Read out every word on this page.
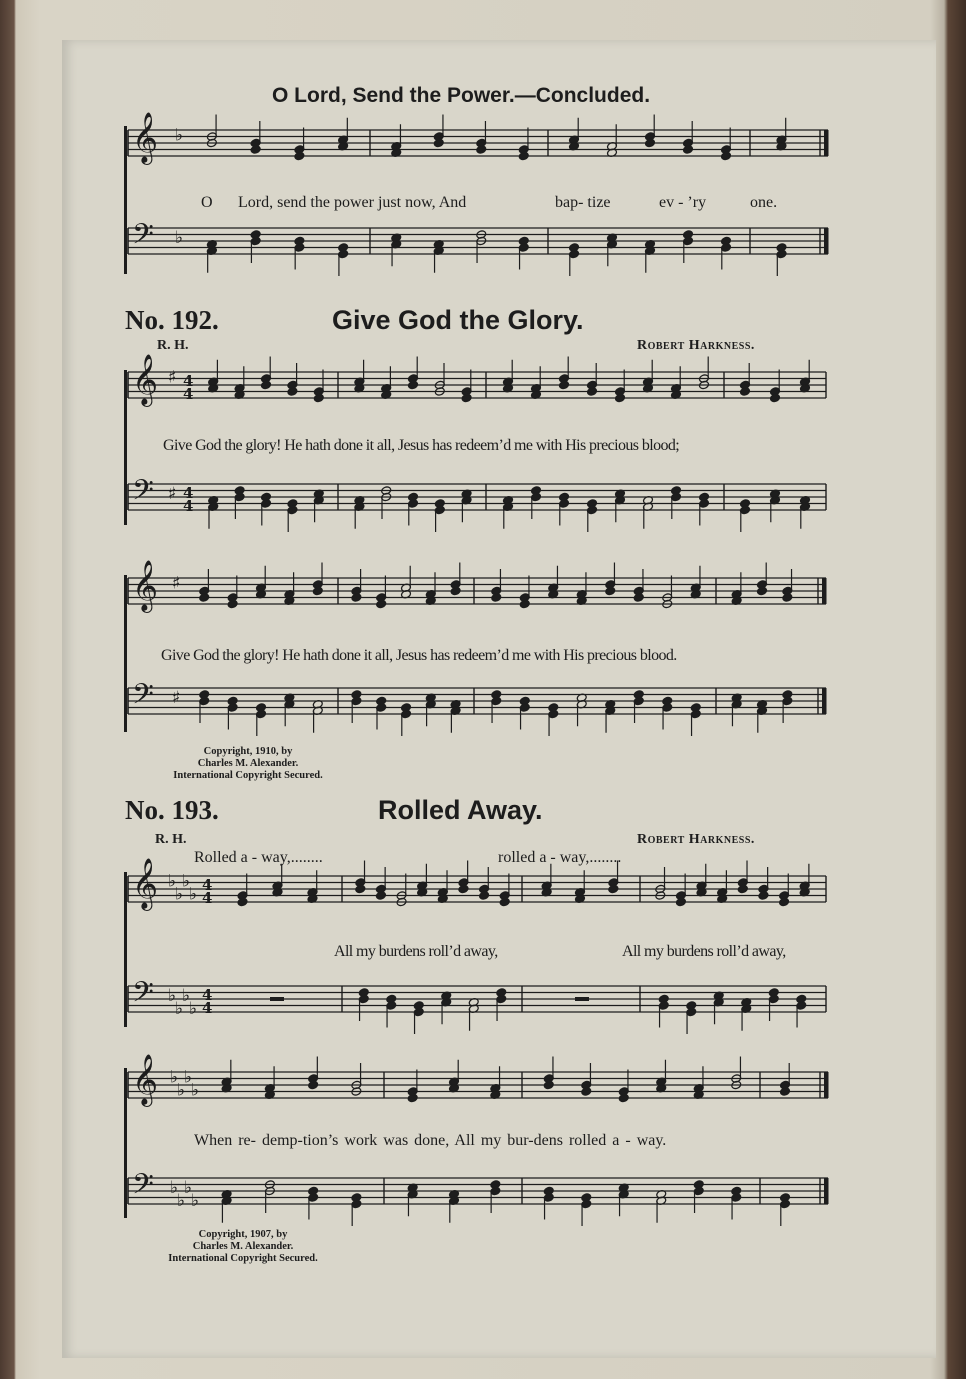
O Lord, Send the Power.—Concluded.
O Lord, send the power just now, And	bap- tize	ev - ’ry	one.
No. 192.	Give God the Glory.
R. H.	Robert Harkness.
Give God the glory! He hath done it all, Jesus has redeem’d me with His precious blood;
Give God the glory! He hath done it all, Jesus has redeem’d me with His precious blood.
Copyright, 1910, by
Charles M. Alexander.
International Copyright Secured.
No. 193.	Rolled Away.
R. H.	Robert Harkness.
Rolled a - way,........	rolled a - way,........
All my burdens roll’d away,	All my burdens roll’d away,
When re- demp-tion’s work was done, All my bur-dens rolled a - way.
Copyright, 1907, by
Charles M. Alexander.
International Copyright Secured.
𝄞 ♭
𝄢 ♭
𝄞 ♯ 4
4
𝄢 ♯ 4
4
𝄞 ♯
𝄢 ♯
𝄞 ♭
♭
♭
♭ 4
4
𝄢 ♭
♭
♭
♭
4
4
𝄞 ♭
♭
♭
♭
𝄢 ♭
♭
♭
♭
